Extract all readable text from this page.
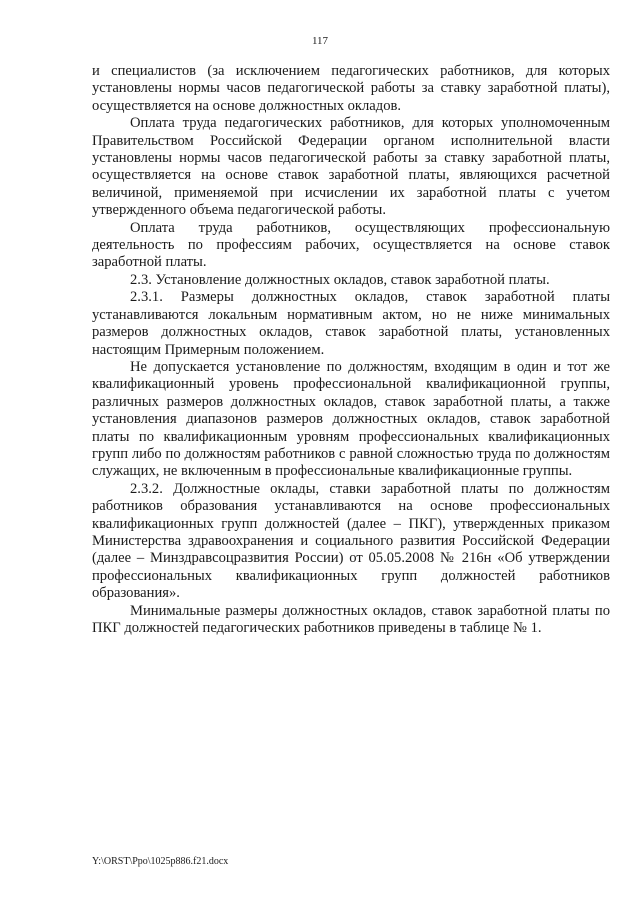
117

и специалистов (за исключением педагогических работников, для которых установлены нормы часов педагогической работы за ставку заработной платы), осуществляется на основе должностных окладов.

Оплата труда педагогических работников, для которых уполномоченным Правительством Российской Федерации органом исполнительной власти установлены нормы часов педагогической работы за ставку заработной платы, осуществляется на основе ставок заработной платы, являющихся расчетной величиной, применяемой при исчислении их заработной платы с учетом утвержденного объема педагогической работы.

Оплата труда работников, осуществляющих профессиональную деятельность по профессиям рабочих, осуществляется на основе ставок заработной платы.

2.3. Установление должностных окладов, ставок заработной платы.

2.3.1. Размеры должностных окладов, ставок заработной платы устанавливаются локальным нормативным актом, но не ниже минимальных размеров должностных окладов, ставок заработной платы, установленных настоящим Примерным положением.

Не допускается установление по должностям, входящим в один и тот же квалификационный уровень профессиональной квалификационной группы, различных размеров должностных окладов, ставок заработной платы, а также установления диапазонов размеров должностных окладов, ставок заработной платы по квалификационным уровням профессиональных квалификационных групп либо по должностям работников с равной сложностью труда по должностям служащих, не включенным в профессиональные квалификационные группы.

2.3.2. Должностные оклады, ставки заработной платы по должностям работников образования устанавливаются на основе профессиональных квалификационных групп должностей (далее – ПКГ), утвержденных приказом Министерства здравоохранения и социального развития Российской Федерации (далее – Минздравсоцразвития России) от 05.05.2008 № 216н «Об утверждении профессиональных квалификационных групп должностей работников образования».

Минимальные размеры должностных окладов, ставок заработной платы по ПКГ должностей педагогических работников приведены в таблице № 1.

Y:\ORST\Ppo\1025p886.f21.docx
